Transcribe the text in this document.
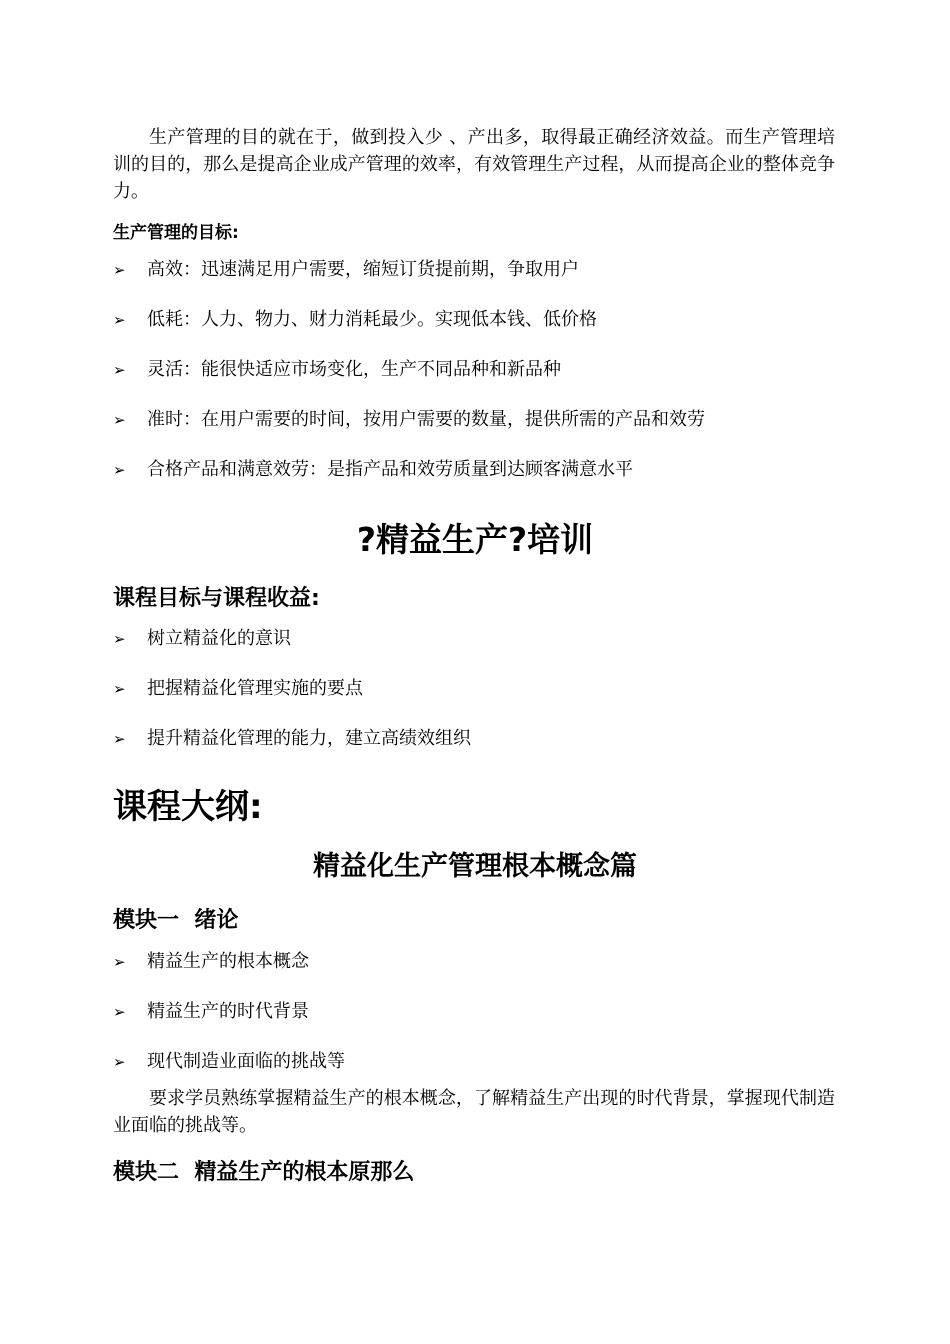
生产管理的目的就在于，做到投入少 、产出多，取得最正确经济效益。而生产管理培训的目的，那么是提高企业成产管理的效率，有效管理生产过程，从而提高企业的整体竞争力。

生产管理的目标:
➢ 高效：迅速满足用户需要，缩短订货提前期，争取用户
➢ 低耗：人力、物力、财力消耗最少。实现低本钱、低价格
➢ 灵活：能很快适应市场变化，生产不同品种和新品种
➢ 准时：在用户需要的时间，按用户需要的数量，提供所需的产品和效劳
➢ 合格产品和满意效劳：是指产品和效劳质量到达顾客满意水平
?精益生产?培训
课程目标与课程收益:
➢ 树立精益化的意识
➢ 把握精益化管理实施的要点
➢ 提升精益化管理的能力，建立高绩效组织
课程大纲:
精益化生产管理根本概念篇
模块一  绪论
➢ 精益生产的根本概念
➢ 精益生产的时代背景
➢ 现代制造业面临的挑战等

要求学员熟练掌握精益生产的根本概念，了解精益生产出现的时代背景，掌握现代制造业面临的挑战等。

模块二  精益生产的根本原那么
